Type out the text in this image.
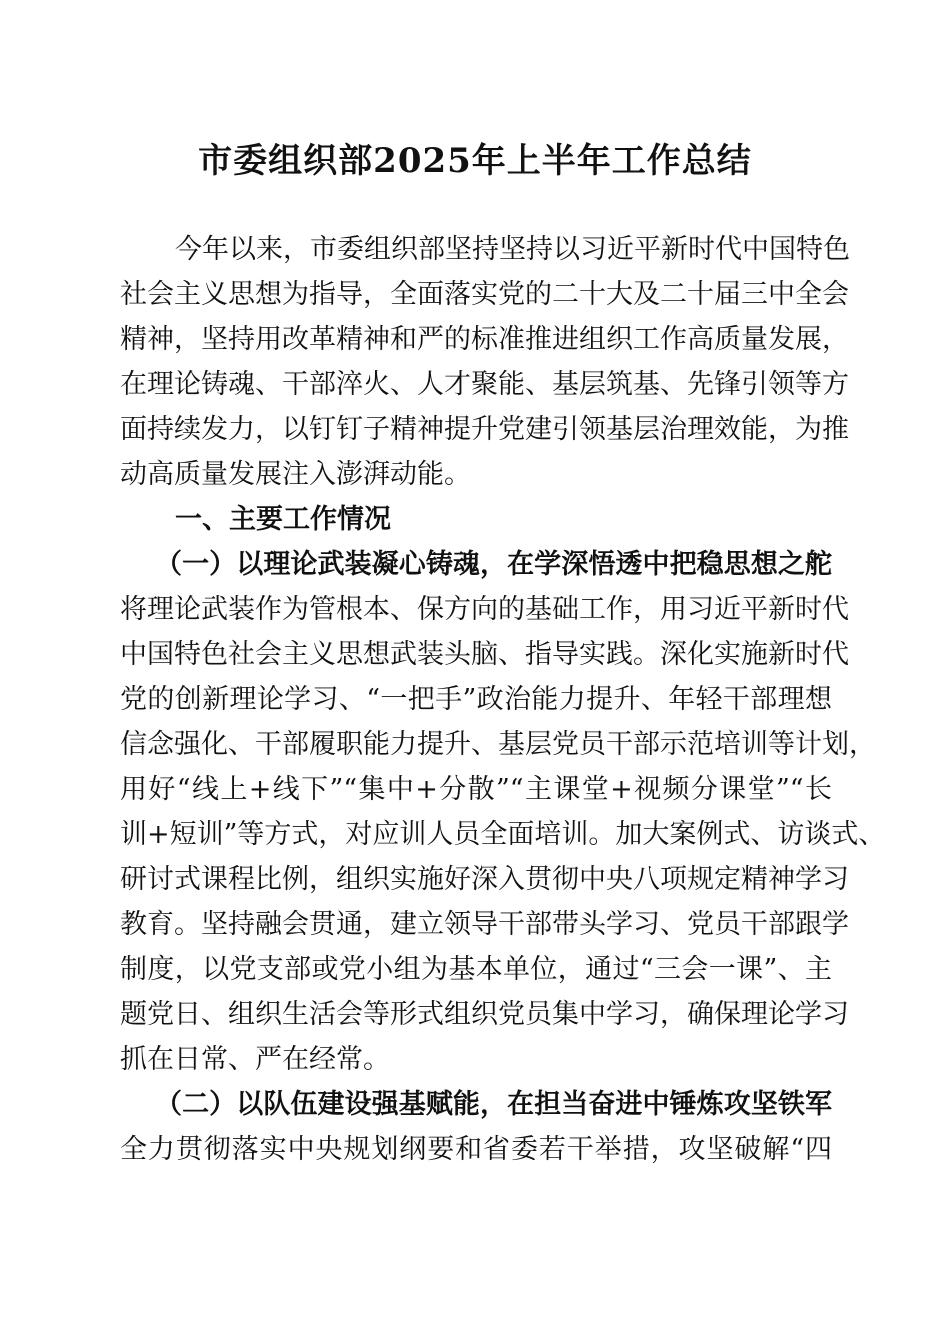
市委组织部2025年上半年工作总结
今年以来，市委组织部坚持坚持以习近平新时代中国特色
社会主义思想为指导，全面落实党的二十大及二十届三中全会
精神，坚持用改革精神和严的标准推进组织工作高质量发展，
在理论铸魂、干部淬火、人才聚能、基层筑基、先锋引领等方
面持续发力，以钉钉子精神提升党建引领基层治理效能，为推
动高质量发展注入澎湃动能。
一、主要工作情况
（一）以理论武装凝心铸魂，在学深悟透中把稳思想之舵
将理论武装作为管根本、保方向的基础工作，用习近平新时代
中国特色社会主义思想武装头脑、指导实践。深化实施新时代
党的创新理论学习、“一把手”政治能力提升、年轻干部理想
信念强化、干部履职能力提升、基层党员干部示范培训等计划，
用好“线上+线下”“集中+分散”“主课堂+视频分课堂”“长
训+短训”等方式，对应训人员全面培训。加大案例式、访谈式、
研讨式课程比例，组织实施好深入贯彻中央八项规定精神学习
教育。坚持融会贯通，建立领导干部带头学习、党员干部跟学
制度，以党支部或党小组为基本单位，通过“三会一课”、主
题党日、组织生活会等形式组织党员集中学习，确保理论学习
抓在日常、严在经常。
（二）以队伍建设强基赋能，在担当奋进中锤炼攻坚铁军
全力贯彻落实中央规划纲要和省委若干举措，攻坚破解“四
